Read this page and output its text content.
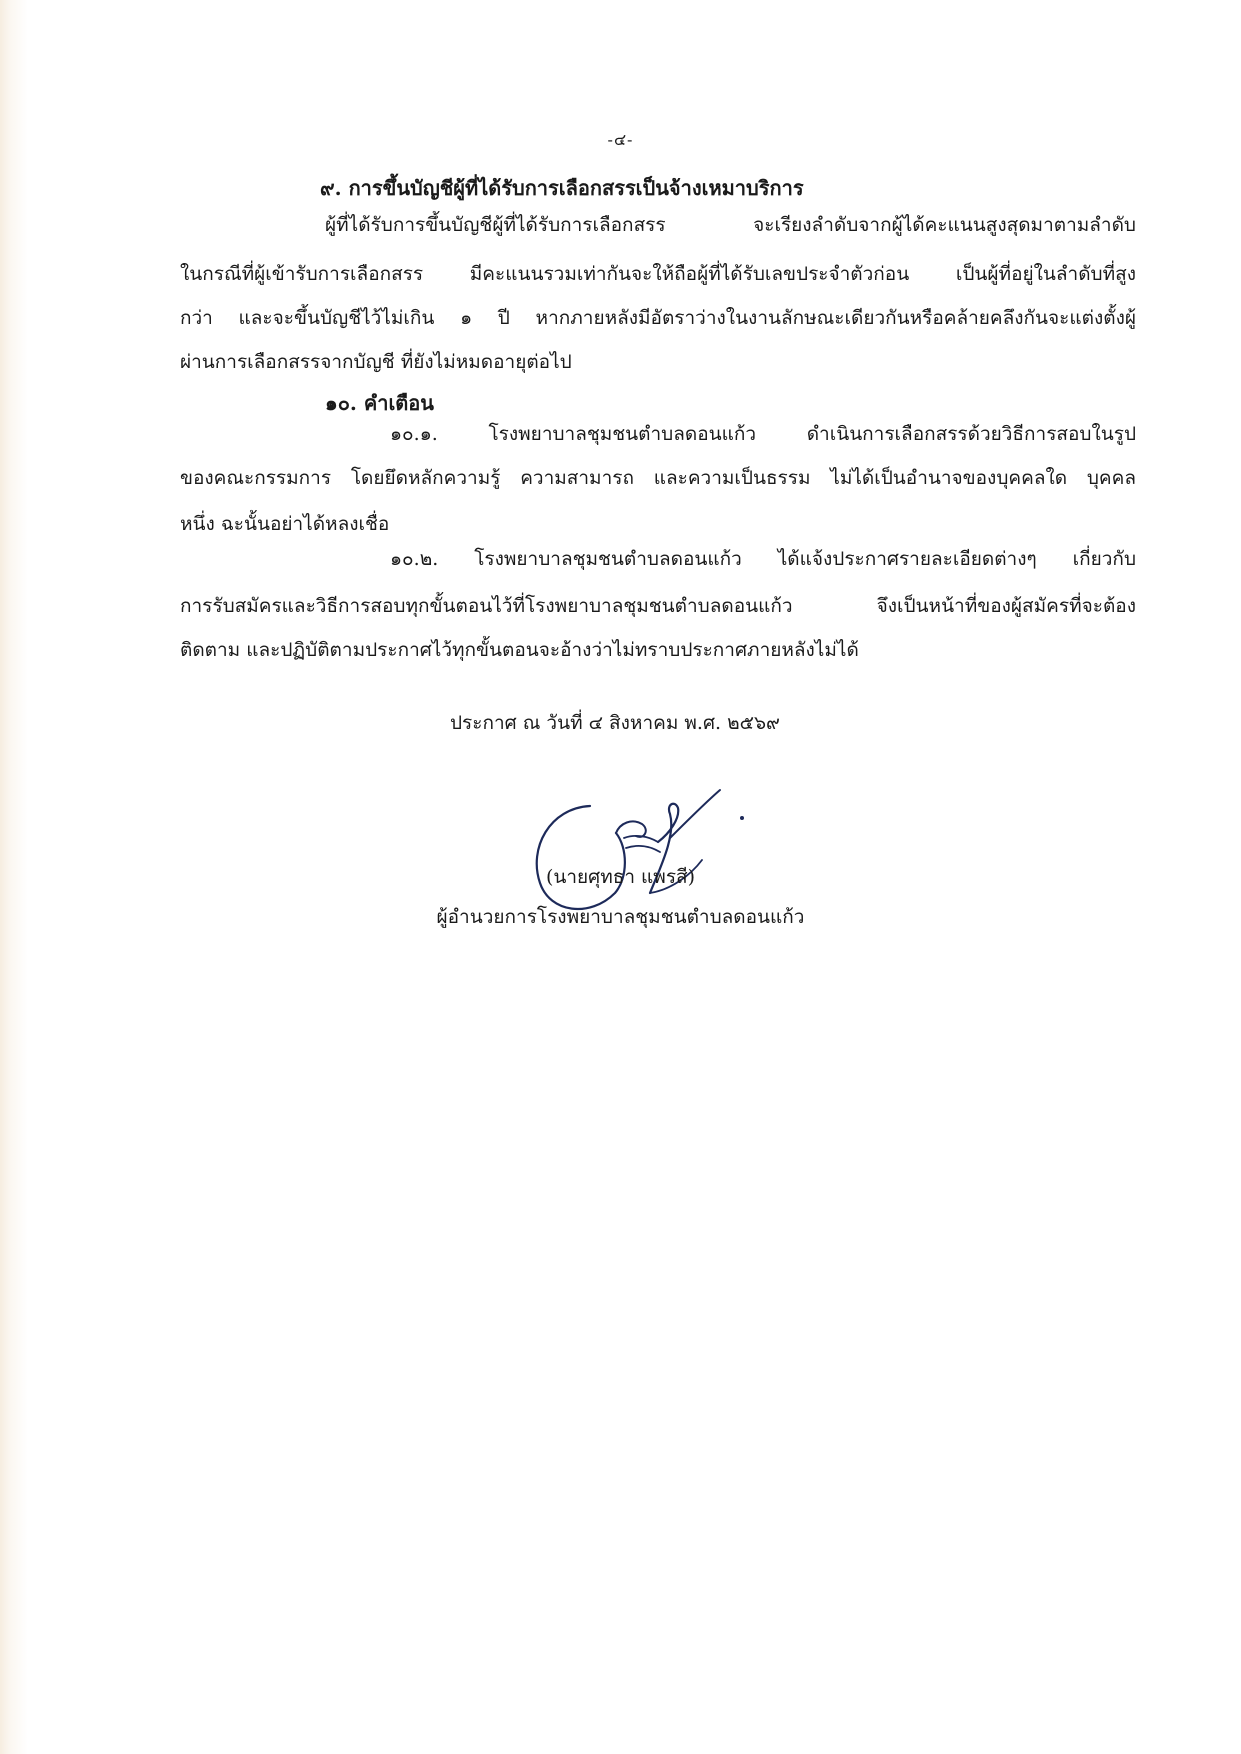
-๔-
๙. การขึ้นบัญชีผู้ที่ได้รับการเลือกสรรเป็นจ้างเหมาบริการ
ผู้ที่ได้รับการขึ้นบัญชีผู้ที่ได้รับการเลือกสรร จะเรียงลำดับจากผู้ได้คะแนนสูงสุดมาตามลำดับ
ในกรณีที่ผู้เข้ารับการเลือกสรร มีคะแนนรวมเท่ากันจะให้ถือผู้ที่ได้รับเลขประจำตัวก่อน เป็นผู้ที่อยู่ในลำดับที่สูง
กว่า และจะขึ้นบัญชีไว้ไม่เกิน ๑ ปี หากภายหลังมีอัตราว่างในงานลักษณะเดียวกันหรือคล้ายคลึงกันจะแต่งตั้งผู้
ผ่านการเลือกสรรจากบัญชี ที่ยังไม่หมดอายุต่อไป
๑๐. คำเตือน
๑๐.๑. โรงพยาบาลชุมชนตำบลดอนแก้ว ดำเนินการเลือกสรรด้วยวิธีการสอบในรูป
ของคณะกรรมการ โดยยึดหลักความรู้ ความสามารถ และความเป็นธรรม ไม่ได้เป็นอำนาจของบุคคลใด บุคคล
หนึ่ง ฉะนั้นอย่าได้หลงเชื่อ
๑๐.๒. โรงพยาบาลชุมชนตำบลดอนแก้ว ได้แจ้งประกาศรายละเอียดต่างๆ เกี่ยวกับ
การรับสมัครและวิธีการสอบทุกขั้นตอนไว้ที่โรงพยาบาลชุมชนตำบลดอนแก้ว จึงเป็นหน้าที่ของผู้สมัครที่จะต้อง
ติดตาม และปฏิบัติตามประกาศไว้ทุกขั้นตอนจะอ้างว่าไม่ทราบประกาศภายหลังไม่ได้
ประกาศ ณ วันที่ ๔ สิงหาคม พ.ศ. ๒๕๖๙
(นายศุทธา แพรสี)
ผู้อำนวยการโรงพยาบาลชุมชนตำบลดอนแก้ว
